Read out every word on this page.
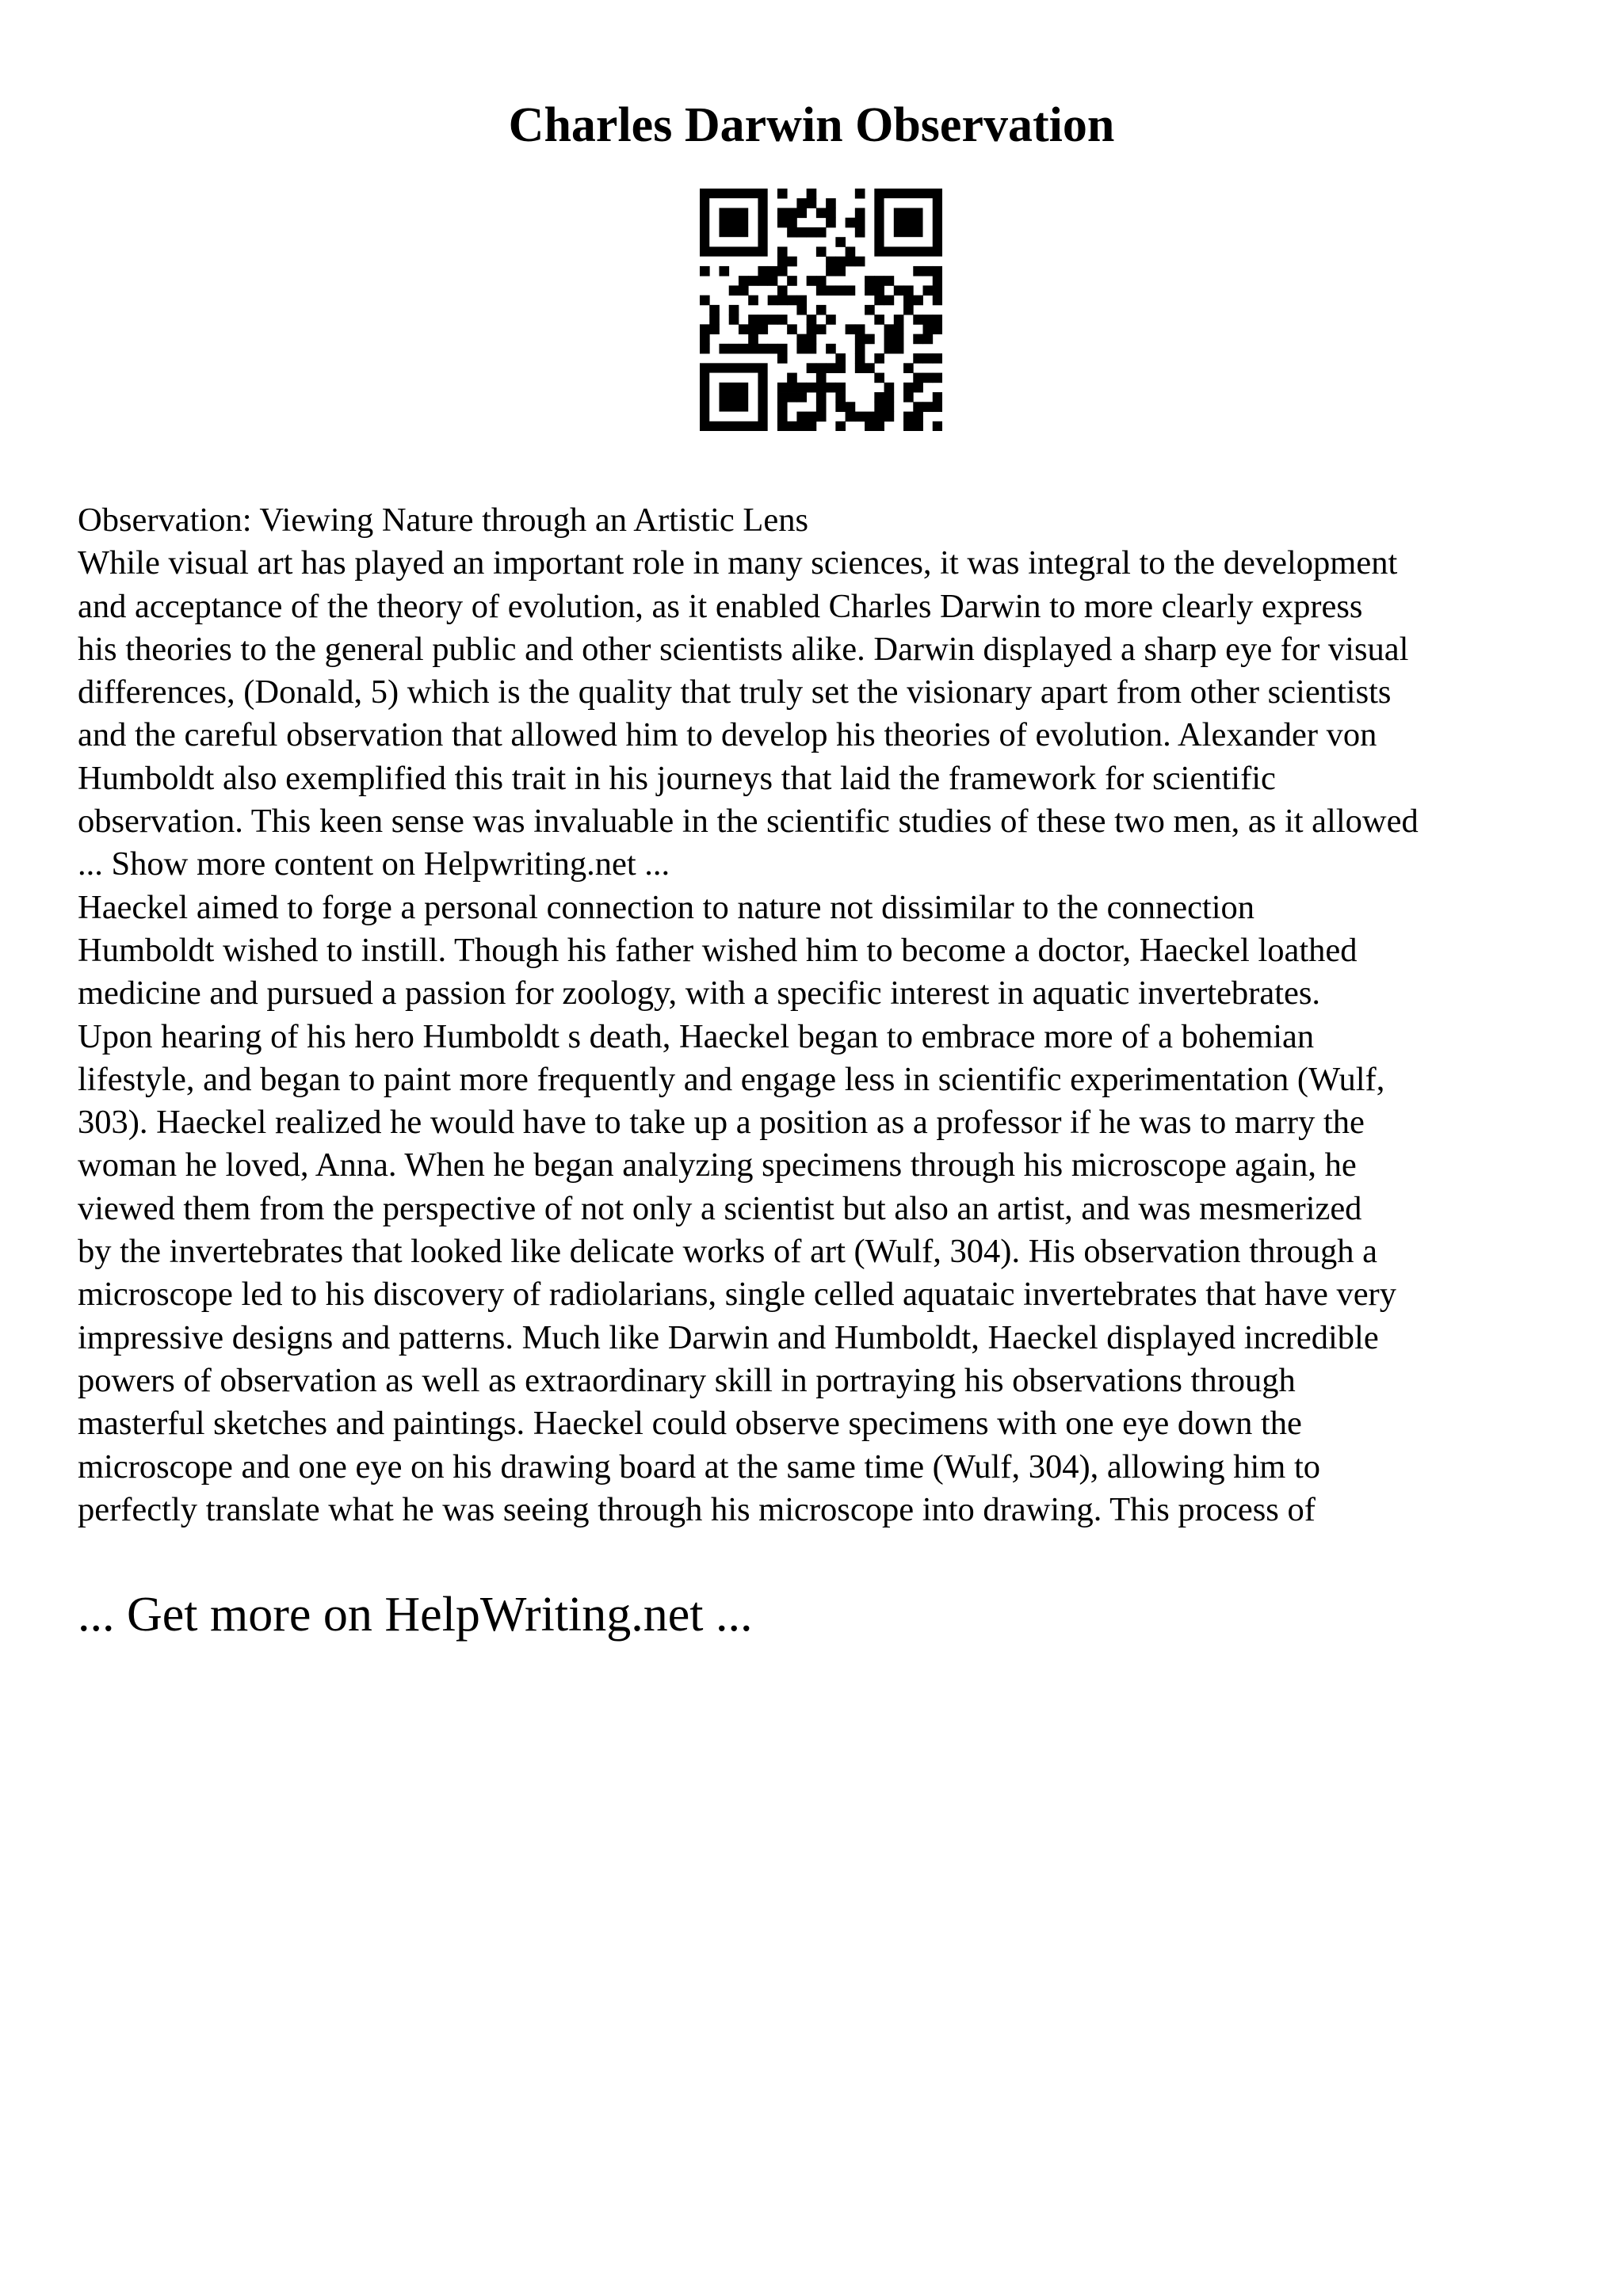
Charles Darwin Observation
Observation: Viewing Nature through an Artistic Lens
While visual art has played an important role in many sciences, it was integral to the development
and acceptance of the theory of evolution, as it enabled Charles Darwin to more clearly express
his theories to the general public and other scientists alike. Darwin displayed a sharp eye for visual
differences, (Donald, 5) which is the quality that truly set the visionary apart from other scientists
and the careful observation that allowed him to develop his theories of evolution. Alexander von
Humboldt also exemplified this trait in his journeys that laid the framework for scientific
observation. This keen sense was invaluable in the scientific studies of these two men, as it allowed
... Show more content on Helpwriting.net ...
Haeckel aimed to forge a personal connection to nature not dissimilar to the connection
Humboldt wished to instill. Though his father wished him to become a doctor, Haeckel loathed
medicine and pursued a passion for zoology, with a specific interest in aquatic invertebrates.
Upon hearing of his hero Humboldt s death, Haeckel began to embrace more of a bohemian
lifestyle, and began to paint more frequently and engage less in scientific experimentation (Wulf,
303). Haeckel realized he would have to take up a position as a professor if he was to marry the
woman he loved, Anna. When he began analyzing specimens through his microscope again, he
viewed them from the perspective of not only a scientist but also an artist, and was mesmerized
by the invertebrates that looked like delicate works of art (Wulf, 304). His observation through a
microscope led to his discovery of radiolarians, single celled aquataic invertebrates that have very
impressive designs and patterns. Much like Darwin and Humboldt, Haeckel displayed incredible
powers of observation as well as extraordinary skill in portraying his observations through
masterful sketches and paintings. Haeckel could observe specimens with one eye down the
microscope and one eye on his drawing board at the same time (Wulf, 304), allowing him to
perfectly translate what he was seeing through his microscope into drawing. This process of
... Get more on HelpWriting.net ...
